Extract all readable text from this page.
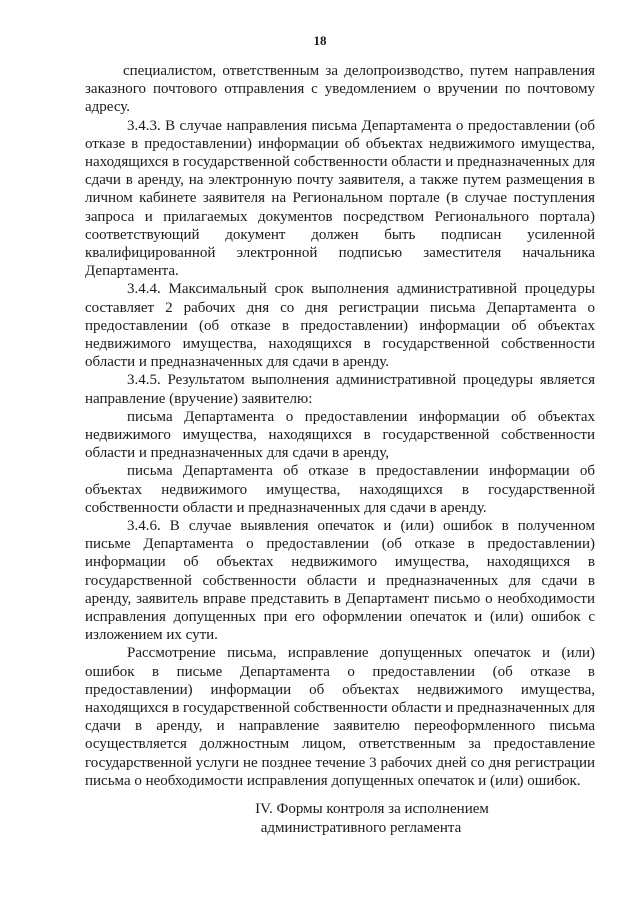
18

специалистом, ответственным за делопроизводство, путем направления заказного почтового отправления с уведомлением о вручении по почтовому адресу.

3.4.3. В случае направления письма Департамента о предоставлении (об отказе в предоставлении) информации об объектах недвижимого имущества, находящихся в государственной собственности области и предназначенных для сдачи в аренду, на электронную почту заявителя, а также путем размещения в личном кабинете заявителя на Региональном портале (в случае поступления запроса и прилагаемых документов посредством Регионального портала) соответствующий документ должен быть подписан усиленной квалифицированной электронной подписью заместителя начальника Департамента.

3.4.4. Максимальный срок выполнения административной процедуры составляет 2 рабочих дня со дня регистрации письма Департамента о предоставлении (об отказе в предоставлении) информации об объектах недвижимого имущества, находящихся в государственной собственности области и предназначенных для сдачи в аренду.

3.4.5. Результатом выполнения административной процедуры является направление (вручение) заявителю:

письма Департамента о предоставлении информации об объектах недвижимого имущества, находящихся в государственной собственности области и предназначенных для сдачи в аренду,

письма Департамента об отказе в предоставлении информации об объектах недвижимого имущества, находящихся в государственной собственности области и предназначенных для сдачи в аренду.

3.4.6. В случае выявления опечаток и (или) ошибок в полученном письме Департамента о предоставлении (об отказе в предоставлении) информации об объектах недвижимого имущества, находящихся в государственной собственности области и предназначенных для сдачи в аренду, заявитель вправе представить в Департамент письмо о необходимости исправления допущенных при его оформлении опечаток и (или) ошибок с изложением их сути.

Рассмотрение письма, исправление допущенных опечаток и (или) ошибок в письме Департамента о предоставлении (об отказе в предоставлении) информации об объектах недвижимого имущества, находящихся в государственной собственности области и предназначенных для сдачи в аренду, и направление заявителю переоформленного письма осуществляется должностным лицом, ответственным за предоставление государственной услуги не позднее течение 3 рабочих дней со дня регистрации письма о необходимости исправления допущенных опечаток и (или) ошибок.

IV. Формы контроля за исполнением
административного регламента
